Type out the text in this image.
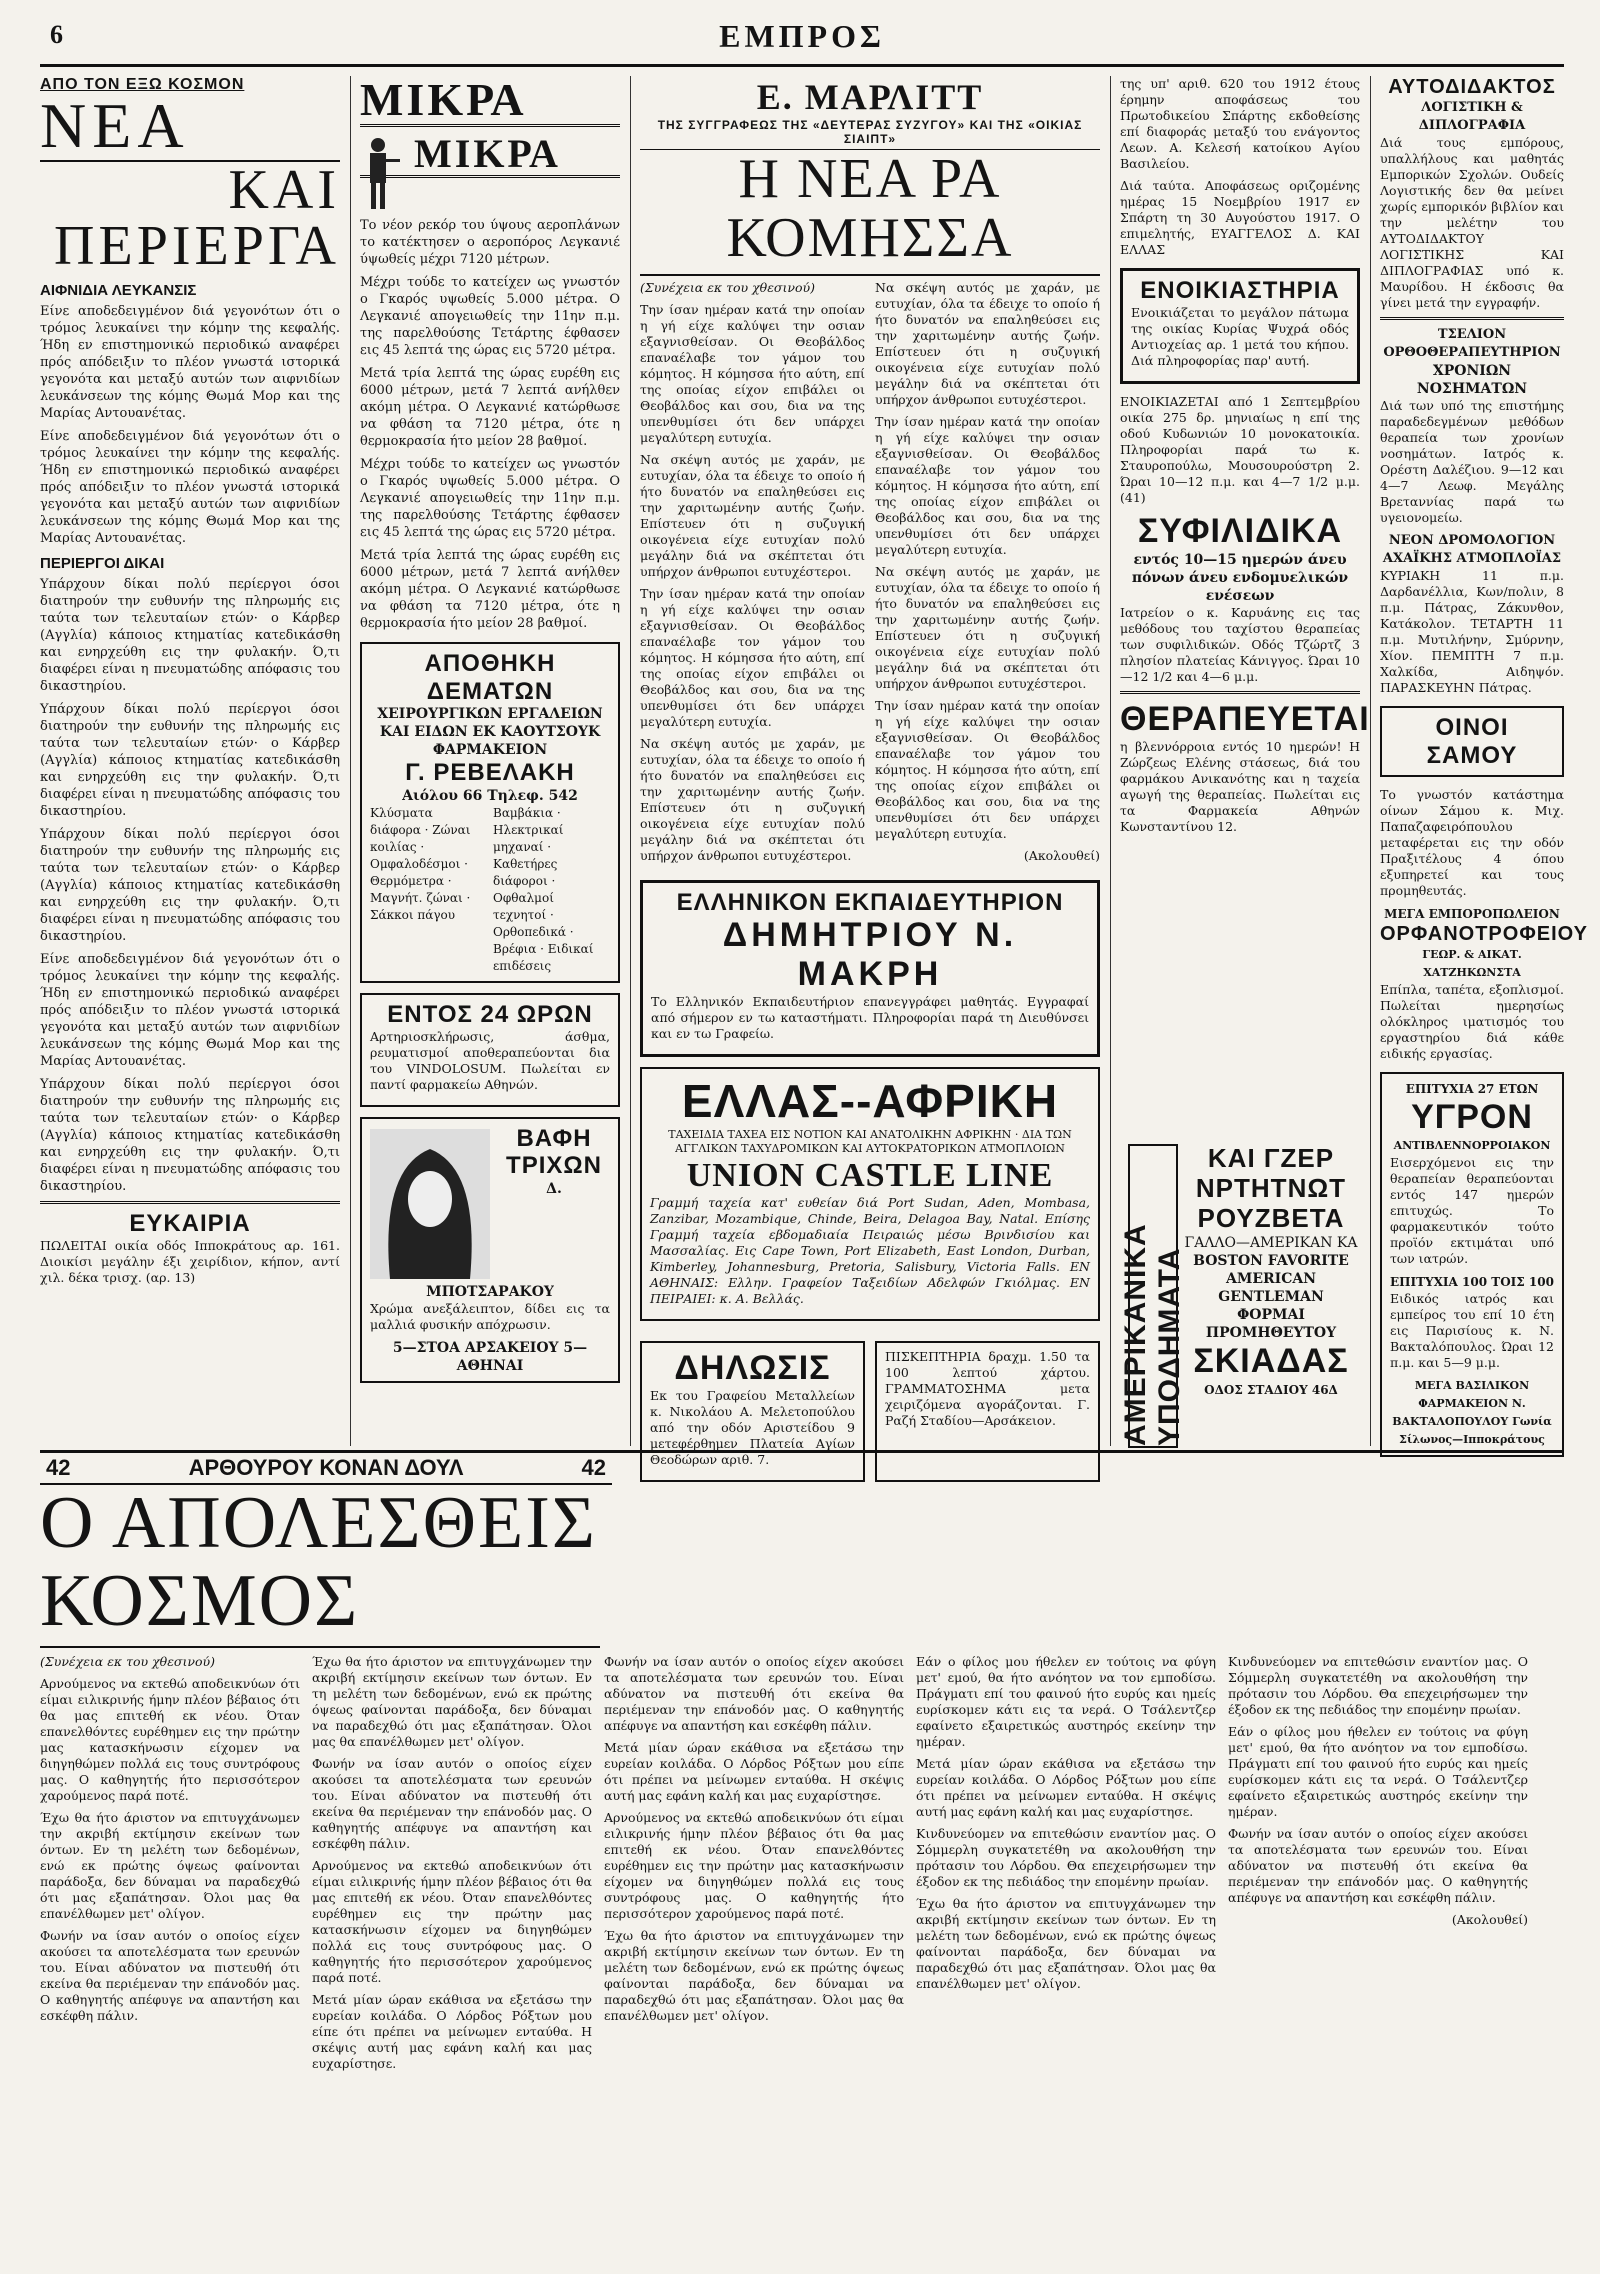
6	ΕΜΠΡΟΣ
ΑΠΟ ΤΟΝ ΕΞΩ ΚΟΣΜΟΝ
ΝΕΑ
ΚΑΙ ΠΕΡΙΕΡΓΑ
ΑΙΦΝΙΔΙΑ ΛΕΥΚΑΝΣΙΣ

Είνε αποδεδειγμένον διά γεγονότων ότι ο τρόμος λευκαίνει την κόμην της κεφαλής. Ήδη εν επιστημονικώ περιοδικώ αναφέρει πρός απόδειξιν το πλέον γνωστά ιστορικά γεγονότα και μεταξύ αυτών των αιφνιδίων λευκάνσεων της κόμης Θωμά Μορ και της Μαρίας Αντουανέτας.

Είνε αποδεδειγμένον διά γεγονότων ότι ο τρόμος λευκαίνει την κόμην της κεφαλής. Ήδη εν επιστημονικώ περιοδικώ αναφέρει πρός απόδειξιν το πλέον γνωστά ιστορικά γεγονότα και μεταξύ αυτών των αιφνιδίων λευκάνσεων της κόμης Θωμά Μορ και της Μαρίας Αντουανέτας.

ΠΕΡΙΕΡΓΟΙ ΔΙΚΑΙ

Υπάρχουν δίκαι πολύ περίεργοι όσοι διατηρούν την ευθυνήν της πληρωμής εις ταύτα των τελευταίων ετών· ο Κάρβερ (Αγγλία) κάποιος κτηματίας κατεδικάσθη και ενηρχεύθη εις την φυλακήν. Ό,τι διαφέρει είναι η πνευματώδης απόφασις του δικαστηρίου.

Υπάρχουν δίκαι πολύ περίεργοι όσοι διατηρούν την ευθυνήν της πληρωμής εις ταύτα των τελευταίων ετών· ο Κάρβερ (Αγγλία) κάποιος κτηματίας κατεδικάσθη και ενηρχεύθη εις την φυλακήν. Ό,τι διαφέρει είναι η πνευματώδης απόφασις του δικαστηρίου.

Υπάρχουν δίκαι πολύ περίεργοι όσοι διατηρούν την ευθυνήν της πληρωμής εις ταύτα των τελευταίων ετών· ο Κάρβερ (Αγγλία) κάποιος κτηματίας κατεδικάσθη και ενηρχεύθη εις την φυλακήν. Ό,τι διαφέρει είναι η πνευματώδης απόφασις του δικαστηρίου.

Είνε αποδεδειγμένον διά γεγονότων ότι ο τρόμος λευκαίνει την κόμην της κεφαλής. Ήδη εν επιστημονικώ περιοδικώ αναφέρει πρός απόδειξιν το πλέον γνωστά ιστορικά γεγονότα και μεταξύ αυτών των αιφνιδίων λευκάνσεων της κόμης Θωμά Μορ και της Μαρίας Αντουανέτας.

Υπάρχουν δίκαι πολύ περίεργοι όσοι διατηρούν την ευθυνήν της πληρωμής εις ταύτα των τελευταίων ετών· ο Κάρβερ (Αγγλία) κάποιος κτηματίας κατεδικάσθη και ενηρχεύθη εις την φυλακήν. Ό,τι διαφέρει είναι η πνευματώδης απόφασις του δικαστηρίου.

ΕΥΚΑΙΡΙΑ

ΠΩΛΕΙΤΑΙ οικία οδός Ιπποκράτους αρ. 161. Διοικίσι μεγάλην έξι χειρίδιον, κήπον, αντί χιλ. δέκα τρισχ. (αρ. 13)

ΜΙΚΡΑ
ΜΙΚΡΑ

Το νέον ρεκόρ του ύψους αεροπλάνων το κατέκτησεν ο αεροπόρος Λεγκανιέ ύψωθείς μέχρι 7120 μέτρων.

Μέχρι τούδε το κατείχεν ως γνωστόν ο Γκαρός υψωθείς 5.000 μέτρα. Ο Λεγκανιέ απογειωθείς την 11ην π.μ. της παρελθούσης Τετάρτης έφθασεν εις 45 λεπτά της ώρας εις 5720 μέτρα.

Μετά τρία λεπτά της ώρας ευρέθη εις 6000 μέτρων, μετά 7 λεπτά ανήλθεν ακόμη μέτρα. Ο Λεγκανιέ κατώρθωσε να φθάση τα 7120 μέτρα, ότε η θερμοκρασία ήτο μείον 28 βαθμοί.

Μέχρι τούδε το κατείχεν ως γνωστόν ο Γκαρός υψωθείς 5.000 μέτρα. Ο Λεγκανιέ απογειωθείς την 11ην π.μ. της παρελθούσης Τετάρτης έφθασεν εις 45 λεπτά της ώρας εις 5720 μέτρα.

Μετά τρία λεπτά της ώρας ευρέθη εις 6000 μέτρων, μετά 7 λεπτά ανήλθεν ακόμη μέτρα. Ο Λεγκανιέ κατώρθωσε να φθάση τα 7120 μέτρα, ότε η θερμοκρασία ήτο μείον 28 βαθμοί.

ΑΠΟΘΗΚΗ ΔΕΜΑΤΩΝ
ΧΕΙΡΟΥΡΓΙΚΩΝ ΕΡΓΑΛΕΙΩΝ ΚΑΙ ΕΙΔΩΝ ΕΚ ΚΑΟΥΤΣΟΥΚ
ΦΑΡΜΑΚΕΙΟΝ
Γ. ΡΕΒΕΛΑΚΗ
Αιόλου 66 Τηλεφ. 542
Κλύσματα διάφορα · Ζώναι κοιλίας · Ομφαλοδέσμοι · Θερμόμετρα · Μαγνήτ. ζώναι · Σάκκοι πάγου
Βαμβάκια · Ηλεκτρικαί μηχαναί · Καθετήρες διάφοροι · Οφθαλμοί τεχνητοί · Ορθοπεδικά · Βρέφια · Ειδικαί επιδέσεις
ΕΝΤΟΣ 24 ΩΡΩΝ

Αρτηριοσκλήρωσις, άσθμα, ρευματισμοί αποθεραπεύονται δια του VINDOLOSUM. Πωλείται εν παντί φαρμακείω Αθηνών.

ΒΑΦΗ ΤΡΙΧΩΝ
Δ. ΜΠΟΤΣΑΡΑΚΟΥ

Χρώμα ανεξάλειπτον, δίδει εις τα μαλλιά φυσικήν απόχρωσιν.

5—ΣΤΟΑ ΑΡΣΑΚΕΙΟΥ 5—ΑΘΗΝΑΙ
Ε. ΜΑΡΛΙΤΤ
ΤΗΣ ΣΥΓΓΡΑΦΕΩΣ ΤΗΣ «ΔΕΥΤΕΡΑΣ ΣΥΖΥΓΟΥ» ΚΑΙ ΤΗΣ «ΟΙΚΙΑΣ ΣΙΑΙΠΤ»
Η ΝΕΑ ΡΑ ΚΟΜΗΣΣΑ

(Συνέχεια εκ του χθεσινού)

Την ίσαν ημέραν κατά την οποίαν η γή είχε καλύψει την οσιαν εξαγνισθείσαν. Οι Θεοβάλδος επαναέλαβε τον γάμον του κόμητος. Η κόμησσα ήτο αύτη, επί της οποίας είχον επιβάλει οι Θεοβάλδος και σου, δια να της υπενθυμίσει ότι δεν υπάρχει μεγαλύτερη ευτυχία.

Να σκέψη αυτός με χαράν, με ευτυχίαν, όλα τα έδειχε το οποίο ή ήτο δυνατόν να επαληθεύσει εις την χαριτωμένην αυτής ζωήν. Επίστευεν ότι η συζυγική οικογένεια είχε ευτυχίαν πολύ μεγάλην διά να σκέπτεται ότι υπήρχον άνθρωποι ευτυχέστεροι.

Την ίσαν ημέραν κατά την οποίαν η γή είχε καλύψει την οσιαν εξαγνισθείσαν. Οι Θεοβάλδος επαναέλαβε τον γάμον του κόμητος. Η κόμησσα ήτο αύτη, επί της οποίας είχον επιβάλει οι Θεοβάλδος και σου, δια να της υπενθυμίσει ότι δεν υπάρχει μεγαλύτερη ευτυχία.

Να σκέψη αυτός με χαράν, με ευτυχίαν, όλα τα έδειχε το οποίο ή ήτο δυνατόν να επαληθεύσει εις την χαριτωμένην αυτής ζωήν. Επίστευεν ότι η συζυγική οικογένεια είχε ευτυχίαν πολύ μεγάλην διά να σκέπτεται ότι υπήρχον άνθρωποι ευτυχέστεροι.

Να σκέψη αυτός με χαράν, με ευτυχίαν, όλα τα έδειχε το οποίο ή ήτο δυνατόν να επαληθεύσει εις την χαριτωμένην αυτής ζωήν. Επίστευεν ότι η συζυγική οικογένεια είχε ευτυχίαν πολύ μεγάλην διά να σκέπτεται ότι υπήρχον άνθρωποι ευτυχέστεροι.

Την ίσαν ημέραν κατά την οποίαν η γή είχε καλύψει την οσιαν εξαγνισθείσαν. Οι Θεοβάλδος επαναέλαβε τον γάμον του κόμητος. Η κόμησσα ήτο αύτη, επί της οποίας είχον επιβάλει οι Θεοβάλδος και σου, δια να της υπενθυμίσει ότι δεν υπάρχει μεγαλύτερη ευτυχία.

Να σκέψη αυτός με χαράν, με ευτυχίαν, όλα τα έδειχε το οποίο ή ήτο δυνατόν να επαληθεύσει εις την χαριτωμένην αυτής ζωήν. Επίστευεν ότι η συζυγική οικογένεια είχε ευτυχίαν πολύ μεγάλην διά να σκέπτεται ότι υπήρχον άνθρωποι ευτυχέστεροι.

Την ίσαν ημέραν κατά την οποίαν η γή είχε καλύψει την οσιαν εξαγνισθείσαν. Οι Θεοβάλδος επαναέλαβε τον γάμον του κόμητος. Η κόμησσα ήτο αύτη, επί της οποίας είχον επιβάλει οι Θεοβάλδος και σου, δια να της υπενθυμίσει ότι δεν υπάρχει μεγαλύτερη ευτυχία.

(Ακολουθεί)

ΕΛΛΗΝΙΚΟΝ ΕΚΠΑΙΔΕΥΤΗΡΙΟΝ
ΔΗΜΗΤΡΙΟΥ Ν. ΜΑΚΡΗ

Το Ελληνικόν Εκπαιδευτήριον επανεγγράφει μαθητάς. Εγγραφαί από σήμερον εν τω καταστήματι. Πληροφορίαι παρά τη Διευθύνσει και εν τω Γραφείω.

ΕΛΛΑΣ--ΑΦΡΙΚΗ
ΤΑΧΕΙΔΙΑ ΤΑΧΕΑ ΕΙΣ ΝΟΤΙΟΝ ΚΑΙ ΑΝΑΤΟΛΙΚΗΝ ΑΦΡΙΚΗΝ · ΔΙΑ ΤΩΝ ΑΓΓΛΙΚΩΝ ΤΑΧΥΔΡΟΜΙΚΩΝ ΚΑΙ ΑΥΤΟΚΡΑΤΟΡΙΚΩΝ ΑΤΜΟΠΛΟΙΩΝ
UNION CASTLE LINE

Γραμμή ταχεία κατ' ευθείαν διά Port Sudan, Aden, Mombasa, Zanzibar, Mozambique, Chinde, Beira, Delagoa Bay, Natal. Επίσης Γραμμή ταχεία εβδομαδιαία Πειραιώς μέσω Βρινδισίου και Μασσαλίας. Εις Cape Town, Port Elizabeth, East London, Durban, Kimberley, Johannesburg, Pretoria, Salisbury, Victoria Falls. ΕΝ ΑΘΗΝΑΙΣ: Ελλην. Γραφείον Ταξειδίων Αδελφών Γκιόλμας. ΕΝ ΠΕΙΡΑΙΕΙ: κ. Α. Βελλάς.

ΔΗΛΩΣΙΣ

Εκ του Γραφείου Μεταλλείων κ. Νικολάου Α. Μελετοπούλου από την οδόν Αριστείδου 9 μετεφέρθημεν Πλατεία Αγίων Θεοδώρων αριθ. 7.

ΠΙΣΚΕΠΤΗΡΙΑ δραχμ. 1.50 τα 100 λεπτού χάρτου. ΓΡΑΜΜΑΤΟΣΗΜΑ μετα χειριζόμενα αγοράζονται. Γ. Ραζή Σταδίου—Αρσάκειον.

της υπ' αριθ. 620 του 1912 έτους έρημην αποφάσεως του Πρωτοδικείου Σπάρτης εκδοθείσης επί διαφοράς μεταξύ του ενάγοντος Λεων. Α. Κελεσή κατοίκου Αγίου Βασιλείου.

Διά ταύτα. Αποφάσεως οριζομένης ημέρας 15 Νοεμβρίου 1917 εν Σπάρτη τη 30 Αυγούστου 1917. Ο επιμελητής, ΕΥΑΓΓΕΛΟΣ Δ. ΚΑΙ ΕΛΛΑΣ

ΕΝΟΙΚΙΑΣΤΗΡΙΑ

Ενοικιάζεται το μεγάλον πάτωμα της οικίας Κυρίας Ψυχρά οδός Αντιοχείας αρ. 1 μετά του κήπου. Διά πληροφορίας παρ' αυτή.

ΕΝΟΙΚΙΑΖΕΤΑΙ από 1 Σεπτεμβρίου οικία 275 δρ. μηνιαίως η επί της οδού Κυδωνιών 10 μονοκατοικία. Πληροφορίαι παρά τω κ. Σταυροπούλω, Μουσουρούστρη 2. Ώραι 10—12 π.μ. και 4—7 1/2 μ.μ. (41)

ΣΥΦΙΛΙΔΙΚΑ
εντός 10—15 ημερών άνευ πόνων άνευ ενδομυελικών ενέσεων

Ιατρείον ο κ. Καρυάνης εις τας μεθόδους του ταχίστου θεραπείας των συφιλιδικών. Οδός Τζώρτζ 3 πλησίον πλατείας Κάνιγγος. Ώραι 10—12 1/2 και 4—6 μ.μ.

ΘΕΡΑΠΕΥΕΤΑΙ

η βλεννόρροια εντός 10 ημερών! Η Ζώρζεως Ελένης στάσεως, διά του φαρμάκου Ανικανότης και η ταχεία αγωγή της θεραπείας. Πωλείται εις τα Φαρμακεία Αθηνών Κωνσταντίνου 12.

ΑΜΕΡΙΚΑΝΙΚΑ ΥΠΟΔΗΜΑΤΑ
ΚΑΙ ΓΖΕΡ
ΝΡΤΗΤΝΩΤ
ΡΟΥΖΒΕΤΑ
ΓΑΛΛΟ—ΑΜΕΡΙΚΑΝ ΚΑ
BOSTON FAVORITE
AMERICAN GENTLEMAN
ΦΟΡΜΑΙ ΠΡΟΜΗΘΕΥΤΟΥ
ΣΚΙΑΔΑΣ
ΟΔΟΣ ΣΤΑΔΙΟΥ 46Δ
ΑΥΤΟΔΙΔΑΚΤΟΣ
ΛΟΓΙΣΤΙΚΗ & ΔΙΠΛΟΓΡΑΦΙΑ

Διά τους εμπόρους, υπαλλήλους και μαθητάς Εμπορικών Σχολών. Ουδείς Λογιστικής δεν θα μείνει χωρίς εμπορικόν βιβλίον και την μελέτην του ΑΥΤΟΔΙΔΑΚΤΟΥ ΛΟΓΙΣΤΙΚΗΣ ΚΑΙ ΔΙΠΛΟΓΡΑΦΙΑΣ υπό κ. Μαυρίδου. Η έκδοσις θα γίνει μετά την εγγραφήν.

ΤΣΕΛΙΟΝ ΟΡΘΟΘΕΡΑΠΕΥΤΗΡΙΟΝ
ΧΡΟΝΙΩΝ ΝΟΣΗΜΑΤΩΝ

Διά των υπό της επιστήμης παραδεδεγμένων μεθόδων θεραπεία των χρονίων νοσημάτων. Ιατρός κ. Ορέστη Δαλέζιου. 9—12 και 4—7 Λεωφ. Μεγάλης Βρεταννίας παρά τω υγειονομείω.

ΝΕΟΝ ΔΡΟΜΟΛΟΓΙΟΝ
ΑΧΑΪΚΗΣ ΑΤΜΟΠΛΟΪΑΣ

ΚΥΡΙΑΚΗ 11 π.μ. Δαρδανέλλια, Κων/πολιν, 8 π.μ. Πάτρας, Ζάκυνθον, Κατάκολον. ΤΕΤΑΡΤΗ 11 π.μ. Μυτιλήνην, Σμύρνην, Χίον. ΠΕΜΠΤΗ 7 π.μ. Χαλκίδα, Αιδηψόν. ΠΑΡΑΣΚΕΥΗΝ Πάτρας.

ΟΙΝΟΙ ΣΑΜΟΥ

Το γνωστόν κατάστημα οίνων Σάμου κ. Μιχ. Παπαζαφειρόπουλου μεταφέρεται εις την οδόν Πραξιτέλους 4 όπου εξυπηρετεί και τους προμηθευτάς.

ΜΕΓΑ ΕΜΠΟΡΟΠΩΛΕΙΟΝ
ΟΡΦΑΝΟΤΡΟΦΕΙΟΥ
ΓΕΩΡ. & ΑΙΚΑΤ. ΧΑΤΖΗΚΩΝΣΤΑ

Επίπλα, ταπέτα, εξοπλισμοί. Πωλείται ημερησίως ολόκληρος ιματισμός του εργαστηρίου διά κάθε ειδικής εργασίας.

ΕΠΙΤΥΧΙΑ 27 ΕΤΩΝ
ΥΓΡΟΝ
ΑΝΤΙΒΛΕΝΝΟΡΡΟΙΑΚΟΝ

Εισερχόμενοι εις την θεραπείαν θεραπεύονται εντός 147 ημερών επιτυχώς. Το φαρμακευτικόν τούτο προϊόν εκτιμάται υπό των ιατρών.

ΕΠΙΤΥΧΙΑ 100 ΤΟΙΣ 100

Ειδικός ιατρός και εμπείρος του επί 10 έτη εις Παρισίους κ. Ν. Βακταλόπουλος. Ώραι 12 π.μ. και 5—9 μ.μ.

ΜΕΓΑ ΒΑΣΙΛΙΚΟΝ ΦΑΡΜΑΚΕΙΟΝ Ν. ΒΑΚΤΑΛΟΠΟΥΛΟΥ Γωνία Σίλωνος—Ιπποκράτους
42	ΑΡΘΟΥΡΟΥ ΚΟΝΑΝ ΔΟΥΛ	42
Ο ΑΠΟΛΕΣΘΕΙΣ ΚΟΣΜΟΣ

(Συνέχεια εκ του χθεσινού)

Αρνούμενος να εκτεθώ αποδεικνύων ότι είμαι ειλικρινής ήμην πλέον βέβαιος ότι θα μας επιτεθή εκ νέου. Όταν επανελθόντες ευρέθημεν εις την πρώτην μας κατασκήνωσιν είχομεν να διηγηθώμεν πολλά εις τους συντρόφους μας. Ο καθηγητής ήτο περισσότερον χαρούμενος παρά ποτέ.

Έχω θα ήτο άριστον να επιτυγχάνωμεν την ακριβή εκτίμησιν εκείνων των όντων. Εν τη μελέτη των δεδομένων, ενώ εκ πρώτης όψεως φαίνονται παράδοξα, δεν δύναμαι να παραδεχθώ ότι μας εξαπάτησαν. Όλοι μας θα επανέλθωμεν μετ' ολίγον.

Φωνήν να ίσαν αυτόν ο οποίος είχεν ακούσει τα αποτελέσματα των ερευνών του. Είναι αδύνατον να πιστευθή ότι εκείνα θα περιέμεναν την επάνοδόν μας. Ο καθηγητής απέφυγε να απαντήση και εσκέφθη πάλιν.

Έχω θα ήτο άριστον να επιτυγχάνωμεν την ακριβή εκτίμησιν εκείνων των όντων. Εν τη μελέτη των δεδομένων, ενώ εκ πρώτης όψεως φαίνονται παράδοξα, δεν δύναμαι να παραδεχθώ ότι μας εξαπάτησαν. Όλοι μας θα επανέλθωμεν μετ' ολίγον.

Φωνήν να ίσαν αυτόν ο οποίος είχεν ακούσει τα αποτελέσματα των ερευνών του. Είναι αδύνατον να πιστευθή ότι εκείνα θα περιέμεναν την επάνοδόν μας. Ο καθηγητής απέφυγε να απαντήση και εσκέφθη πάλιν.

Αρνούμενος να εκτεθώ αποδεικνύων ότι είμαι ειλικρινής ήμην πλέον βέβαιος ότι θα μας επιτεθή εκ νέου. Όταν επανελθόντες ευρέθημεν εις την πρώτην μας κατασκήνωσιν είχομεν να διηγηθώμεν πολλά εις τους συντρόφους μας. Ο καθηγητής ήτο περισσότερον χαρούμενος παρά ποτέ.

Μετά μίαν ώραν εκάθισα να εξετάσω την ευρείαν κοιλάδα. Ο Λόρδος Ρόξτων μου είπε ότι πρέπει να μείνωμεν ενταύθα. Η σκέψις αυτή μας εφάνη καλή και μας ευχαρίστησε.

Φωνήν να ίσαν αυτόν ο οποίος είχεν ακούσει τα αποτελέσματα των ερευνών του. Είναι αδύνατον να πιστευθή ότι εκείνα θα περιέμεναν την επάνοδόν μας. Ο καθηγητής απέφυγε να απαντήση και εσκέφθη πάλιν.

Μετά μίαν ώραν εκάθισα να εξετάσω την ευρείαν κοιλάδα. Ο Λόρδος Ρόξτων μου είπε ότι πρέπει να μείνωμεν ενταύθα. Η σκέψις αυτή μας εφάνη καλή και μας ευχαρίστησε.

Αρνούμενος να εκτεθώ αποδεικνύων ότι είμαι ειλικρινής ήμην πλέον βέβαιος ότι θα μας επιτεθή εκ νέου. Όταν επανελθόντες ευρέθημεν εις την πρώτην μας κατασκήνωσιν είχομεν να διηγηθώμεν πολλά εις τους συντρόφους μας. Ο καθηγητής ήτο περισσότερον χαρούμενος παρά ποτέ.

Έχω θα ήτο άριστον να επιτυγχάνωμεν την ακριβή εκτίμησιν εκείνων των όντων. Εν τη μελέτη των δεδομένων, ενώ εκ πρώτης όψεως φαίνονται παράδοξα, δεν δύναμαι να παραδεχθώ ότι μας εξαπάτησαν. Όλοι μας θα επανέλθωμεν μετ' ολίγον.

Εάν ο φίλος μου ήθελεν εν τούτοις να φύγη μετ' εμού, θα ήτο ανόητον να τον εμποδίσω. Πράγματι επί του φαινού ήτο ευρύς και ημείς ευρίσκομεν κάτι εις τα νερά. Ο Τσάλεντζερ εφαίνετο εξαιρετικώς αυστηρός εκείνην την ημέραν.

Μετά μίαν ώραν εκάθισα να εξετάσω την ευρείαν κοιλάδα. Ο Λόρδος Ρόξτων μου είπε ότι πρέπει να μείνωμεν ενταύθα. Η σκέψις αυτή μας εφάνη καλή και μας ευχαρίστησε.

Κινδυνεύομεν να επιτεθώσιν εναντίον μας. Ο Σόμμερλη συγκατετέθη να ακολουθήση την πρότασιν του Λόρδου. Θα επεχειρήσωμεν την έξοδον εκ της πεδιάδος την επομένην πρωίαν.

Έχω θα ήτο άριστον να επιτυγχάνωμεν την ακριβή εκτίμησιν εκείνων των όντων. Εν τη μελέτη των δεδομένων, ενώ εκ πρώτης όψεως φαίνονται παράδοξα, δεν δύναμαι να παραδεχθώ ότι μας εξαπάτησαν. Όλοι μας θα επανέλθωμεν μετ' ολίγον.

Κινδυνεύομεν να επιτεθώσιν εναντίον μας. Ο Σόμμερλη συγκατετέθη να ακολουθήση την πρότασιν του Λόρδου. Θα επεχειρήσωμεν την έξοδον εκ της πεδιάδος την επομένην πρωίαν.

Εάν ο φίλος μου ήθελεν εν τούτοις να φύγη μετ' εμού, θα ήτο ανόητον να τον εμποδίσω. Πράγματι επί του φαινού ήτο ευρύς και ημείς ευρίσκομεν κάτι εις τα νερά. Ο Τσάλεντζερ εφαίνετο εξαιρετικώς αυστηρός εκείνην την ημέραν.

Φωνήν να ίσαν αυτόν ο οποίος είχεν ακούσει τα αποτελέσματα των ερευνών του. Είναι αδύνατον να πιστευθή ότι εκείνα θα περιέμεναν την επάνοδόν μας. Ο καθηγητής απέφυγε να απαντήση και εσκέφθη πάλιν.

(Ακολουθεί)
